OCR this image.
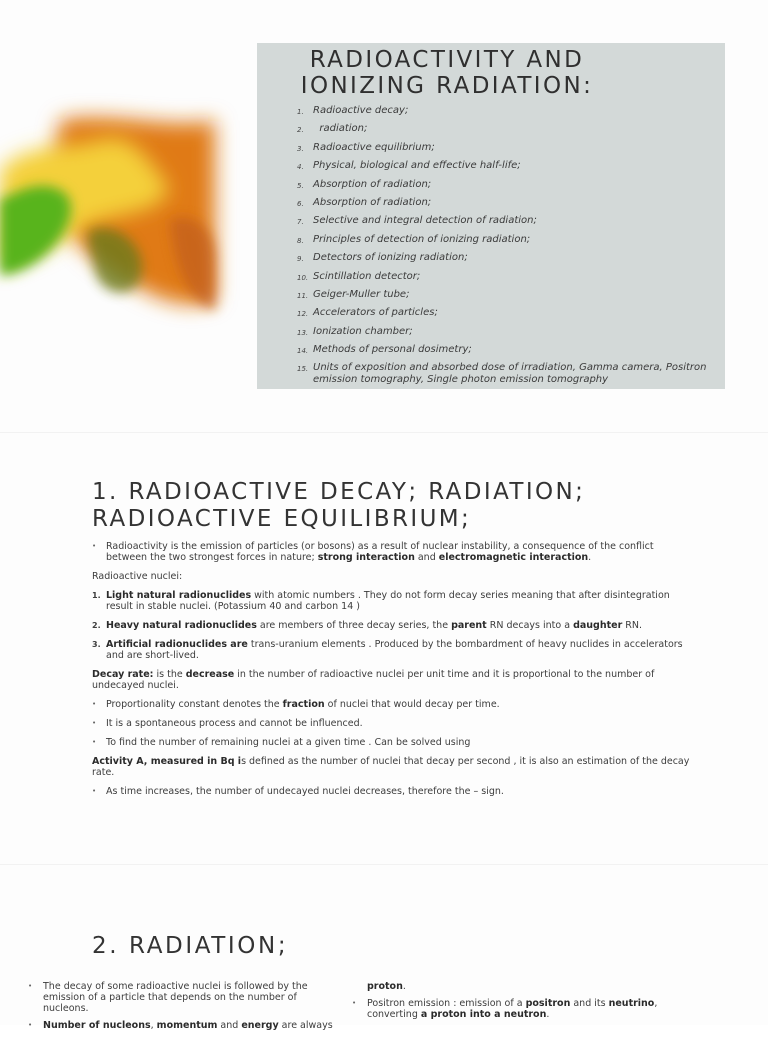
RADIOACTIVITY AND IONIZING RADIATION:
1. Radioactive decay;
2. radiation;
3. Radioactive equilibrium;
4. Physical, biological and effective half-life;
5. Absorption of radiation;
6. Absorption of radiation;
7. Selective and integral detection of radiation;
8. Principles of detection of ionizing radiation;
9. Detectors of ionizing radiation;
10. Scintillation detector;
11. Geiger-Muller tube;
12. Accelerators of particles;
13. Ionization chamber;
14. Methods of personal dosimetry;
15. Units of exposition and absorbed dose of irradiation, Gamma camera, Positron emission tomography, Single photon emission tomography
1. RADIOACTIVE DECAY; RADIATION; RADIOACTIVE EQUILIBRIUM;
• Radioactivity is the emission of particles (or bosons) as a result of nuclear instability, a consequence of the conflict between the two strongest forces in nature; strong interaction and electromagnetic interaction.

Radioactive nuclei:

1. Light natural radionuclides with atomic numbers . They do not form decay series meaning that after disintegration result in stable nuclei. (Potassium 40 and carbon 14 )
2. Heavy natural radionuclides are members of three decay series, the parent RN decays into a daughter RN.
3. Artificial radionuclides are trans-uranium elements . Produced by the bombardment of heavy nuclides in accelerators and are short-lived.

Decay rate: is the decrease in the number of radioactive nuclei per unit time and it is proportional to the number of undecayed nuclei.

• Proportionality constant denotes the fraction of nuclei that would decay per time.
• It is a spontaneous process and cannot be influenced.
• To find the number of remaining nuclei at a given time . Can be solved using

Activity A, measured in Bq is defined as the number of nuclei that decay per second , it is also an estimation of the decay rate.

• As time increases, the number of undecayed nuclei decreases, therefore the – sign.
2. RADIATION;
• The decay of some radioactive nuclei is followed by the emission of a particle that depends on the number of nucleons.
• Number of nucleons, momentum and energy are always
proton.
• Positron emission : emission of a positron and its neutrino, converting a proton into a neutron.
